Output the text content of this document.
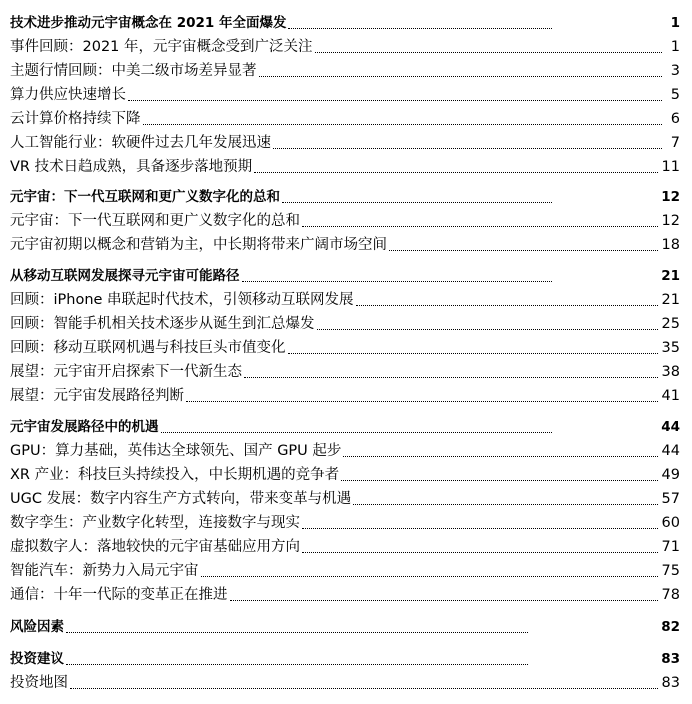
技术进步推动元宇宙概念在 2021 年全面爆发	1
事件回顾：2021 年，元宇宙概念受到广泛关注	1
主题行情回顾：中美二级市场差异显著	3
算力供应快速增长	5
云计算价格持续下降	6
人工智能行业：软硬件过去几年发展迅速	7
VR 技术日趋成熟，具备逐步落地预期	11
元宇宙：下一代互联网和更广义数字化的总和	12
元宇宙：下一代互联网和更广义数字化的总和	12
元宇宙初期以概念和营销为主，中长期将带来广阔市场空间	18
从移动互联网发展探寻元宇宙可能路径	21
回顾：iPhone 串联起时代技术，引领移动互联网发展	21
回顾：智能手机相关技术逐步从诞生到汇总爆发	25
回顾：移动互联网机遇与科技巨头市值变化	35
展望：元宇宙开启探索下一代新生态	38
展望：元宇宙发展路径判断	41
元宇宙发展路径中的机遇	44
GPU：算力基础，英伟达全球领先、国产 GPU 起步	44
XR 产业：科技巨头持续投入，中长期机遇的竞争者	49
UGC 发展：数字内容生产方式转向，带来变革与机遇	57
数字孪生：产业数字化转型，连接数字与现实	60
虚拟数字人：落地较快的元宇宙基础应用方向	71
智能汽车：新势力入局元宇宙	75
通信：十年一代际的变革正在推进	78
风险因素	82
投资建议	83
投资地图	83
